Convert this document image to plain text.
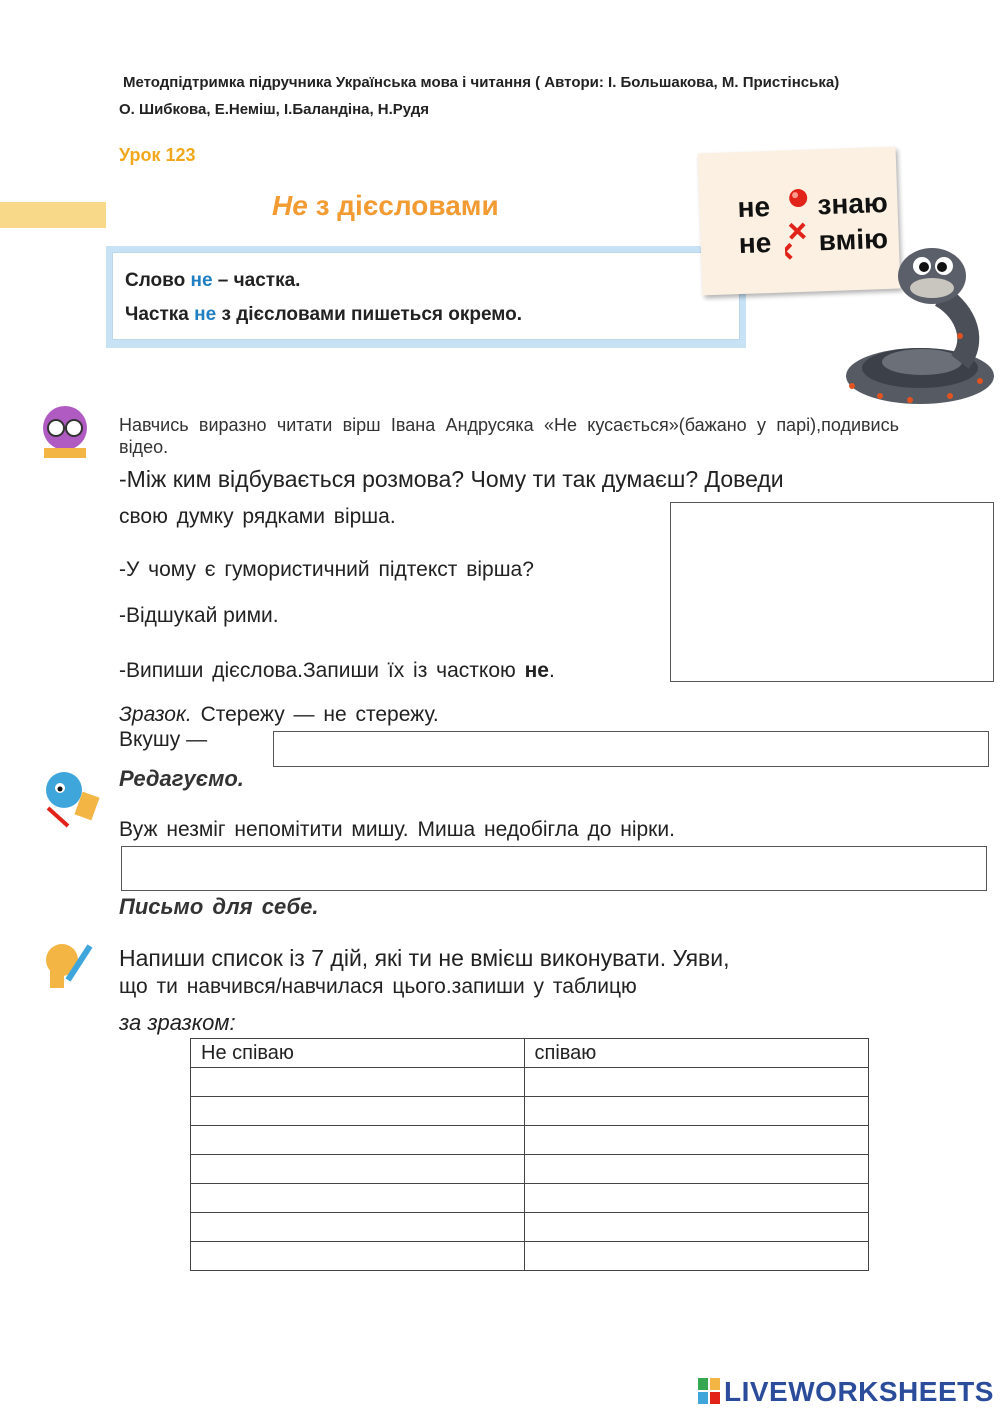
Методпідтримка підручника Українська мова і читання ( Автори: І. Большакова, М. Пристінська)
О. Шибкова, Е.Неміш, І.Баландіна, Н.Рудя
Урок 123
Не з дієсловами
Слово не – частка.
Частка не з дієсловами пишеться окремо.
не знаю
не вмію
Навчись виразно читати вірш Івана Андрусяка «Не кусається»(бажано у парі),подивись відео.
-Між ким відбувається розмова? Чому ти так думаєш? Доведи
свою думку рядками вірша.
-У чому є гумористичний підтекст вірша?
-Відшукай рими.
-Випиши дієслова.Запиши їх із часткою не.
Зразок. Стережу — не стережу.
Вкушу —
Редагуємо.
Вуж незміг непомітити мишу. Миша недобігла до нірки.
Письмо для себе.
Напиши список із 7 дій, які ти не вмієш виконувати. Уяви,
що ти навчився/навчилася цього.запиши у таблицю
за зразком:
Не співаю	співаю

LIVEWORKSHEETS
